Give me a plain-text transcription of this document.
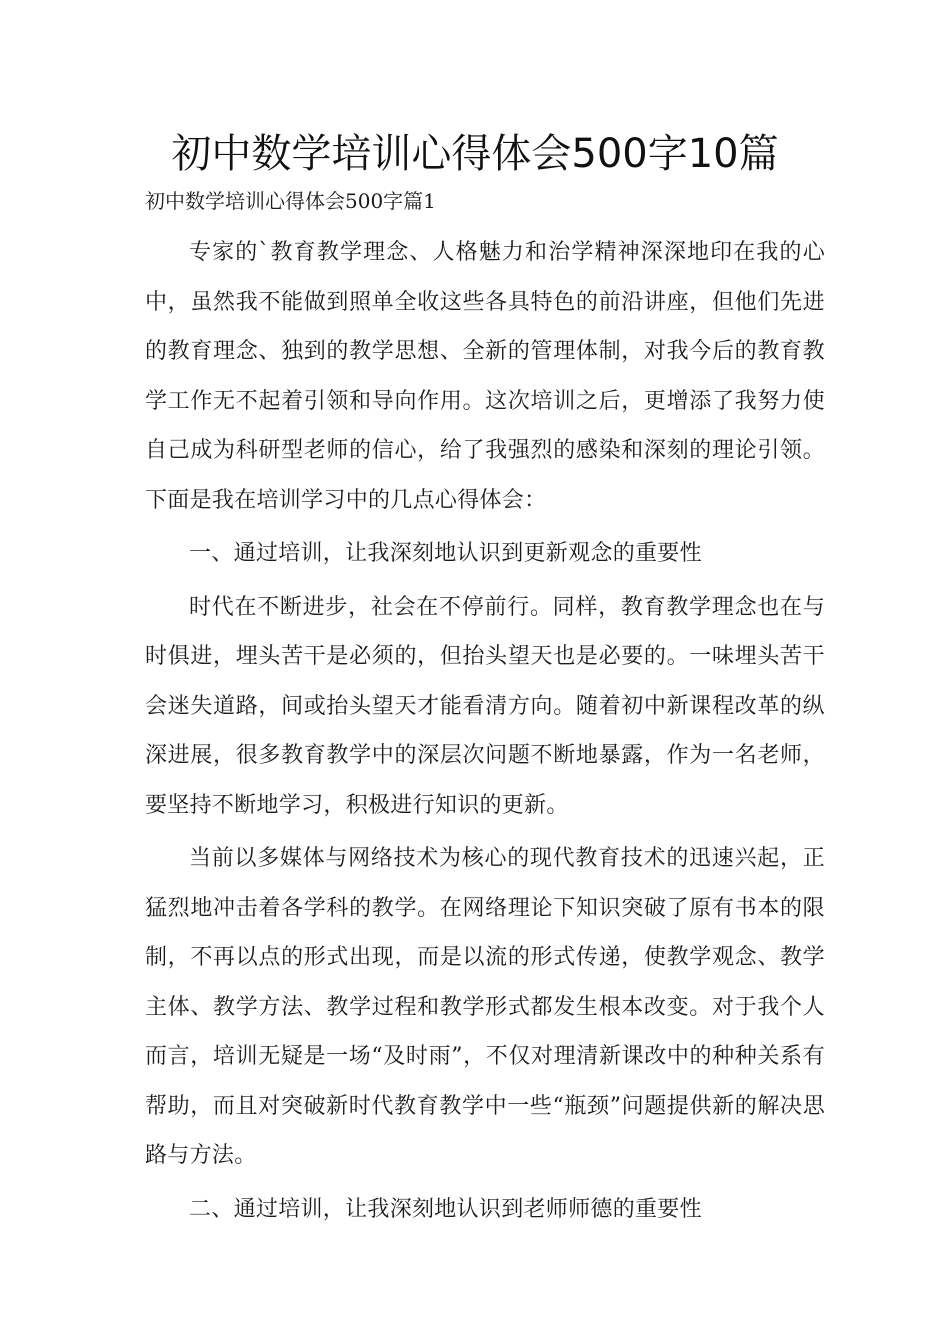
初中数学培训心得体会500字10篇

初中数学培训心得体会500字篇1

专家的`教育教学理念、人格魅力和治学精神深深地印在我的心中，虽然我不能做到照单全收这些各具特色的前沿讲座，但他们先进的教育理念、独到的教学思想、全新的管理体制，对我今后的教育教学工作无不起着引领和导向作用。这次培训之后，更增添了我努力使自己成为科研型老师的信心，给了我强烈的感染和深刻的理论引领。下面是我在培训学习中的几点心得体会：

一、通过培训，让我深刻地认识到更新观念的重要性

时代在不断进步，社会在不停前行。同样，教育教学理念也在与时俱进，埋头苦干是必须的，但抬头望天也是必要的。一味埋头苦干会迷失道路，间或抬头望天才能看清方向。随着初中新课程改革的纵深进展，很多教育教学中的深层次问题不断地暴露，作为一名老师，要坚持不断地学习，积极进行知识的更新。

当前以多媒体与网络技术为核心的现代教育技术的迅速兴起，正猛烈地冲击着各学科的教学。在网络理论下知识突破了原有书本的限制，不再以点的形式出现，而是以流的形式传递，使教学观念、教学主体、教学方法、教学过程和教学形式都发生根本改变。对于我个人而言，培训无疑是一场“及时雨”，不仅对理清新课改中的种种关系有帮助，而且对突破新时代教育教学中一些“瓶颈”问题提供新的解决思路与方法。

二、通过培训，让我深刻地认识到老师师德的重要性
